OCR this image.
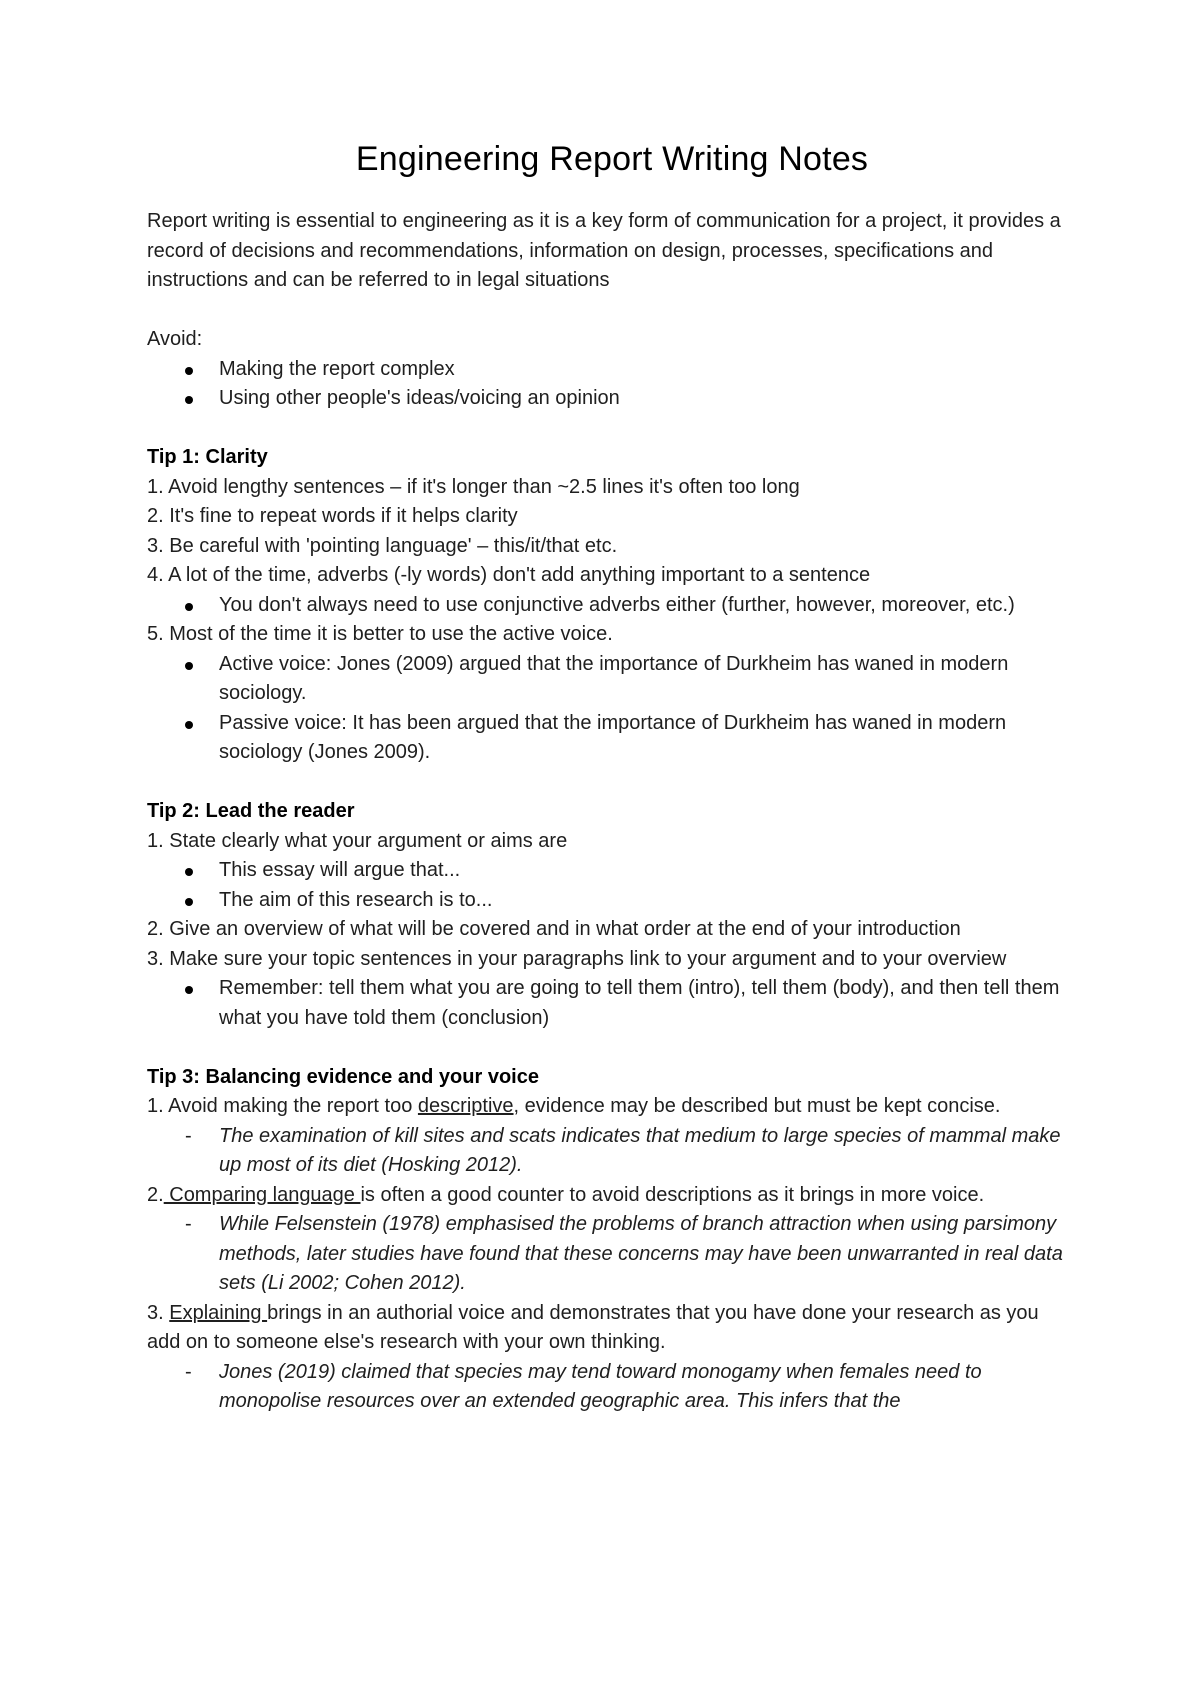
Engineering Report Writing Notes

Report writing is essential to engineering as it is a key form of communication for a project, it provides a record of decisions and recommendations, information on design, processes, specifications and instructions and can be referred to in legal situations

Avoid:

Making the report complex
Using other people's ideas/voicing an opinion

Tip 1: Clarity

1. Avoid lengthy sentences – if it's longer than ~2.5 lines it's often too long

2. It's fine to repeat words if it helps clarity

3. Be careful with 'pointing language' – this/it/that etc.

4. A lot of the time, adverbs (-ly words) don't add anything important to a sentence

You don't always need to use conjunctive adverbs either (further, however, moreover, etc.)

5. Most of the time it is better to use the active voice.

Active voice: Jones (2009) argued that the importance of Durkheim has waned in modern sociology.
Passive voice: It has been argued that the importance of Durkheim has waned in modern sociology (Jones 2009).

Tip 2: Lead the reader

1. State clearly what your argument or aims are

This essay will argue that...
The aim of this research is to...

2. Give an overview of what will be covered and in what order at the end of your introduction

3. Make sure your topic sentences in your paragraphs link to your argument and to your overview

Remember: tell them what you are going to tell them (intro), tell them (body), and then tell them what you have told them (conclusion)

Tip 3: Balancing evidence and your voice

1. Avoid making the report too descriptive, evidence may be described but must be kept concise.

- The examination of kill sites and scats indicates that medium to large species of mammal make up most of its diet (Hosking 2012).

2. Comparing language is often a good counter to avoid descriptions as it brings in more voice.

- While Felsenstein (1978) emphasised the problems of branch attraction when using parsimony methods, later studies have found that these concerns may have been unwarranted in real data sets (Li 2002; Cohen 2012).

3. Explaining brings in an authorial voice and demonstrates that you have done your research as you add on to someone else's research with your own thinking.

- Jones (2019) claimed that species may tend toward monogamy when females need to monopolise resources over an extended geographic area. This infers that the
